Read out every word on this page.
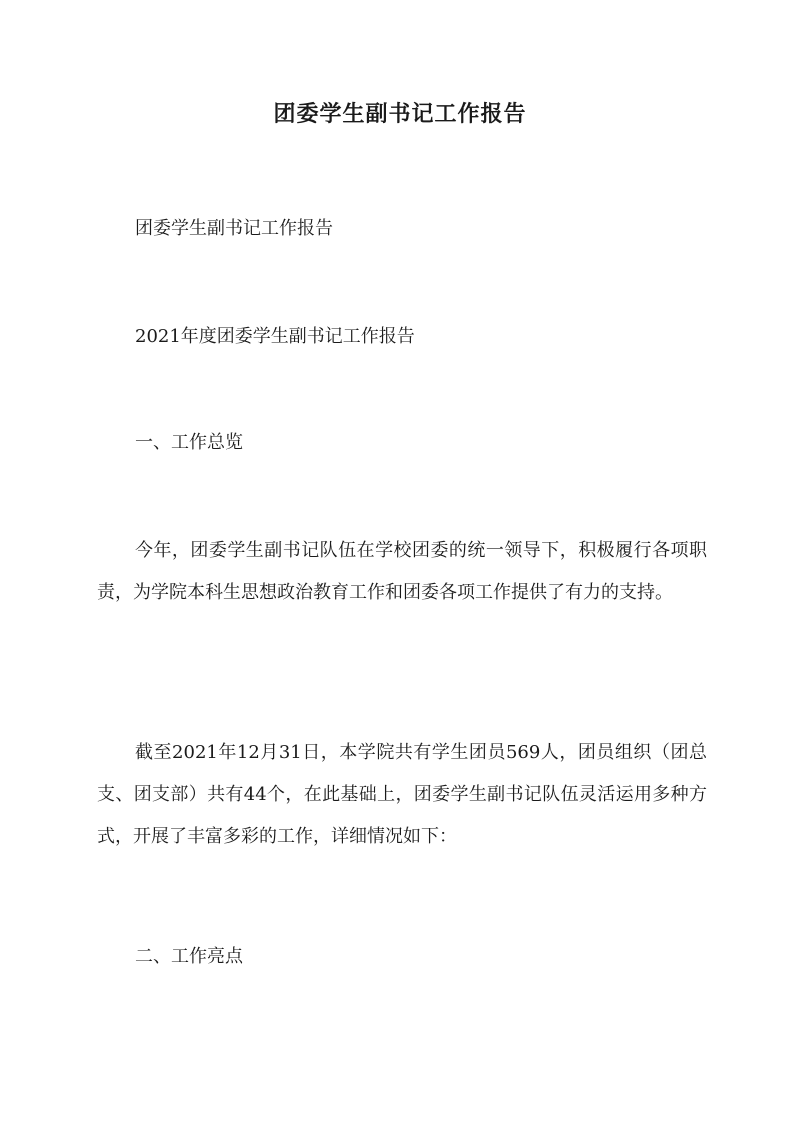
团委学生副书记工作报告

团委学生副书记工作报告

2021年度团委学生副书记工作报告

一、工作总览

今年，团委学生副书记队伍在学校团委的统一领导下，积极履行各项职责，为学院本科生思想政治教育工作和团委各项工作提供了有力的支持。

截至2021年12月31日，本学院共有学生团员569人，团员组织（团总支、团支部）共有44个，在此基础上，团委学生副书记队伍灵活运用多种方式，开展了丰富多彩的工作，详细情况如下：

二、工作亮点
